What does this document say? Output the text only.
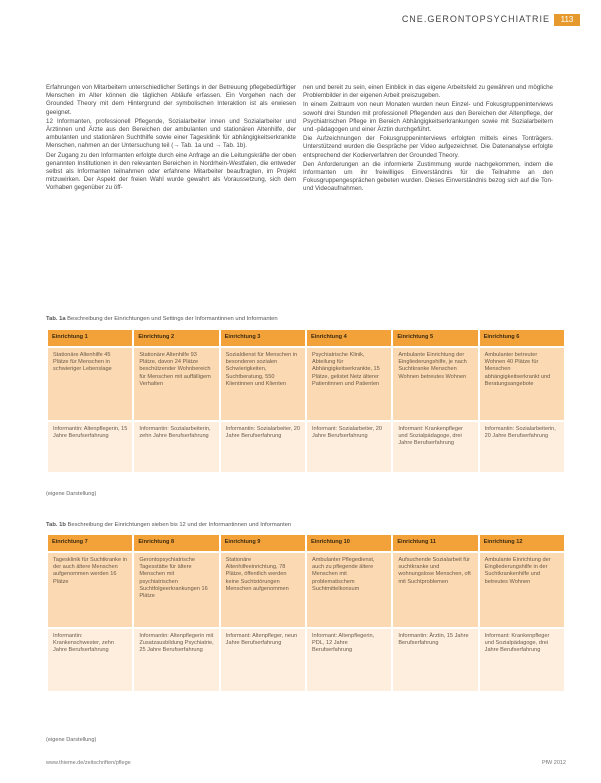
CNE.GERONTOPSYCHIATRIE	113

Erfahrungen von Mitarbeitern unterschiedlicher Settings in der Betreuung pflegebedürftiger Menschen im Alter können die täglichen Abläufe erfassen. Ein Vorgehen nach der Grounded Theory mit dem Hintergrund der symbolischen Interaktion ist als erwiesen geeignet.

12 Informanten, professionell Pflegende, Sozialarbeiter innen und Sozialarbeiter und Ärztinnen und Ärzte aus den Bereichen der ambulanten und stationären Altenhilfe, der ambulanten und stationären Suchthilfe sowie einer Tagesklinik für abhängigkeitserkrankte Menschen, nahmen an der Untersuchung teil (→ Tab. 1a und → Tab. 1b).

Der Zugang zu den Informanten erfolgte durch eine Anfrage an die Leitungskräfte der oben genannten Institutionen in den relevanten Bereichen in Nordrhein-Westfalen, die entweder selbst als Informanten teilnahmen oder erfahrene Mitarbeiter beauftragten, im Projekt mitzuwirken. Der Aspekt der freien Wahl wurde gewahrt als Voraussetzung, sich dem Vorhaben gegenüber zu öff-

nen und bereit zu sein, einen Einblick in das eigene Arbeitsfeld zu gewähren und mögliche Problembilder in der eigenen Arbeit preiszugeben.

In einem Zeitraum von neun Monaten wurden neun Einzel- und Fokusgruppeninterviews sowohl drei Stunden mit professionell Pflegenden aus den Bereichen der Altenpflege, der Psychiatrischen Pflege im Bereich Abhängigkeitserkrankungen sowie mit Sozialarbeitern und -pädagogen und einer Ärztin durchgeführt.

Die Aufzeichnungen der Fokusgruppeninterviews erfolgten mittels eines Tonträgers. Unterstützend wurden die Gespräche per Video aufgezeichnet. Die Datenanalyse erfolgte entsprechend der Kodierverfahren der Grounded Theory.

Den Anforderungen an die informierte Zustimmung wurde nachgekommen, indem die Informanten um ihr freiwilliges Einverständnis für die Teilnahme an den Fokusgruppengesprächen gebeten wurden. Dieses Einverständnis bezog sich auf die Ton- und Videoaufnahmen.

Tab. 1a Beschreibung der Einrichtungen und Settings der Informantinnen und Informanten
Einrichtung 1	Einrichtung 2	Einrichtung 3	Einrichtung 4	Einrichtung 5	Einrichtung 6
Stationäre Altenhilfe 45 Plätze für Menschen in schwieriger Lebenslage	Stationäre Altenhilfe 93 Plätze, davon 24 Plätze beschützender Wohnbereich für Menschen mit auffälligem Verhalten	Sozialdienst für Menschen in besonderen sozialen Schwierigkeiten, Suchtberatung, 550 Klientinnen und Klienten	Psychiatrische Klinik, Abteilung für Abhängigkeitserkrankte, 15 Plätze, gelistet Netz älterer Patientinnen und Patienten	Ambulante Einrichtung der Eingliederungshilfe, je nach Suchtkranke Menschen Wohnen betreutes Wohnen	Ambulanter betreuter Wohnen 40 Plätze für Menschen abhängigkeitserkrankt und Beratungsangebote
Informantin: Altenpflegerin, 15 Jahre Berufserfahrung	Informantin: Sozialarbeiterin, zehn Jahre Berufserfahrung	Informantin: Sozialarbeiter, 20 Jahre Berufserfahrung	Informant: Sozialarbeiter, 20 Jahre Berufserfahrung	Informant: Krankenpfleger und Sozialpädagoge, drei Jahre Berufserfahrung	Informantin: Sozialarbeiterin, 20 Jahre Berufserfahrung
(eigene Darstellung)
Tab. 1b Beschreibung der Einrichtungen sieben bis 12 und der Informantinnen und Informanten
Einrichtung 7	Einrichtung 8	Einrichtung 9	Einrichtung 10	Einrichtung 11	Einrichtung 12
Tagesklinik für Suchtkranke in der auch ältere Menschen aufgenommen werden 16 Plätze	Gerontopsychiatrische Tagesstätte für ältere Menschen mit psychiatrischen Suchtfolgeerkrankungen 16 Plätze	Stationäre Altenhilfeeinrichtung, 78 Plätze, öffentlich werden keine Suchtstörungen Menschen aufgenommen	Ambulanter Pflegedienst, auch zu pflegende ältere Menschen mit problematischem Suchtmittelkonsum	Aufsuchende Sozialarbeit für suchtkranke und wohnungslose Menschen, oft mit Suchtproblemen	Ambulante Einrichtung der Eingliederungshilfe in der Suchtkrankenhilfe und betreutes Wohnen
Informantin: Krankenschwester, zehn Jahre Berufserfahrung	Informantin: Altenpflegerin mit Zusatzausbildung Psychiatrie, 25 Jahre Berufserfahrung	Informant: Altenpfleger, neun Jahre Berufserfahrung	Informant: Altenpflegerin, PDL, 12 Jahre Berufserfahrung	Informantin: Ärztin, 15 Jahre Berufserfahrung	Informant: Krankenpfleger und Sozialpädagoge, drei Jahre Berufserfahrung
(eigene Darstellung)
www.thieme.de/zeitschriften/pflege	PfW 2012
